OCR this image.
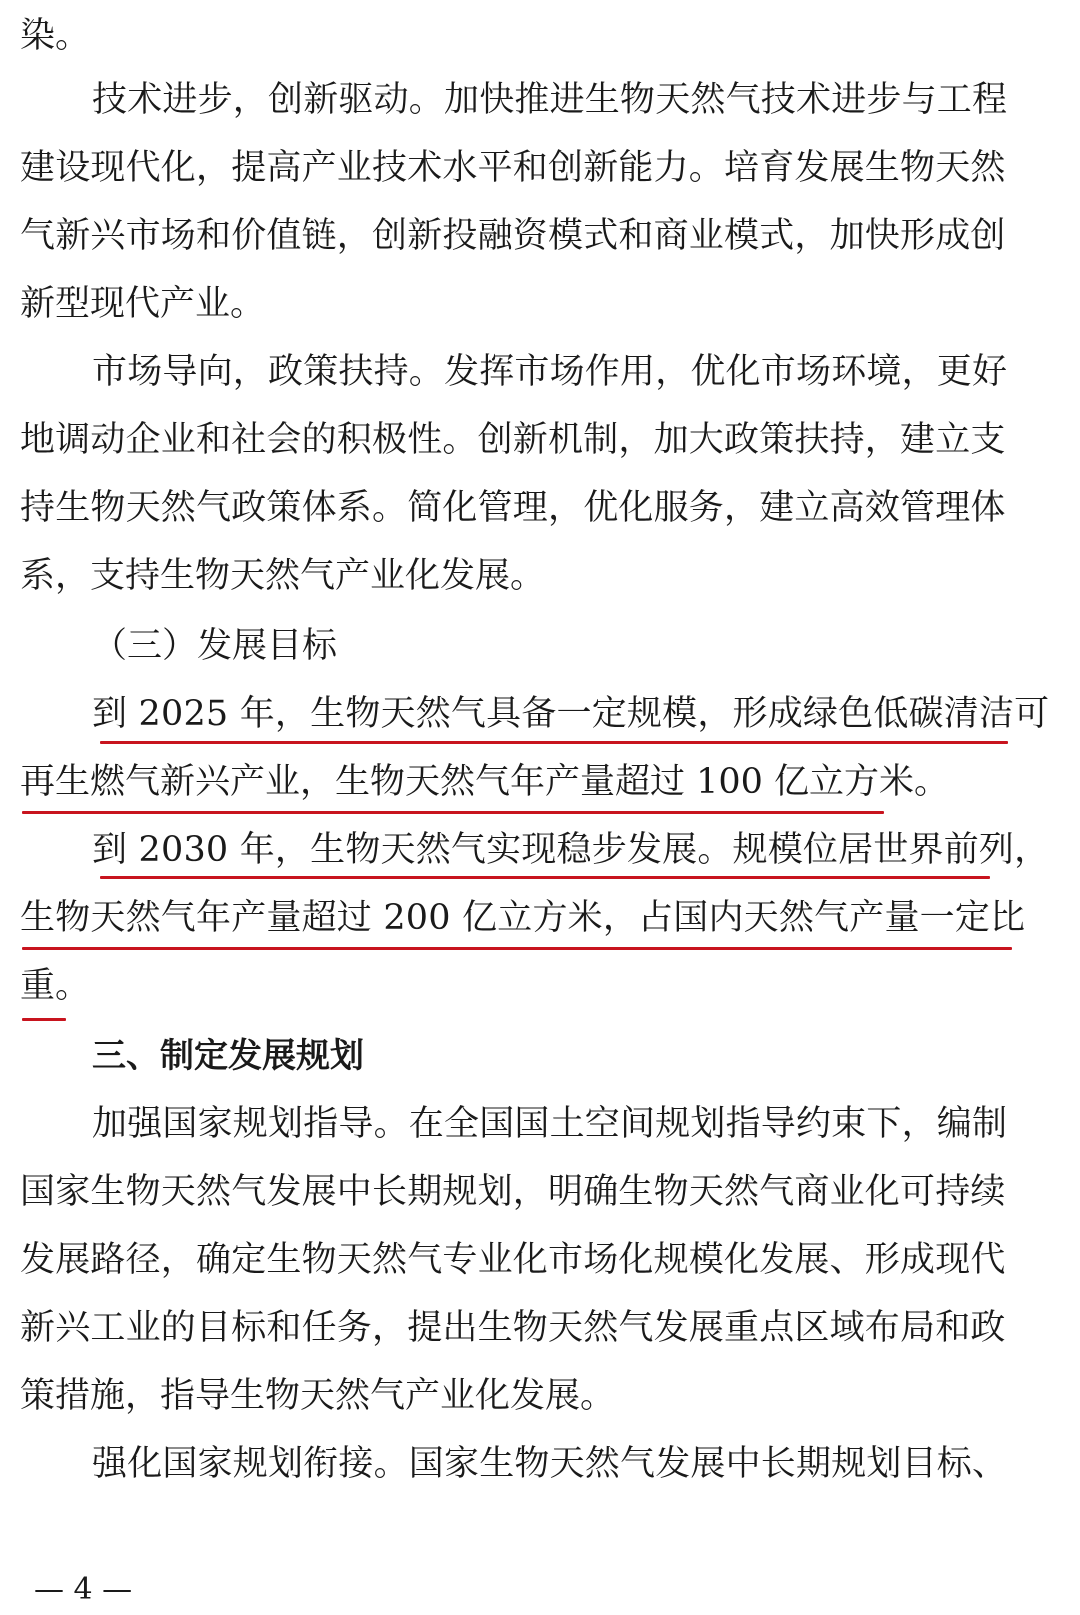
染。
技术进步，创新驱动。加快推进生物天然气技术进步与工程
建设现代化，提高产业技术水平和创新能力。培育发展生物天然
气新兴市场和价值链，创新投融资模式和商业模式，加快形成创
新型现代产业。
市场导向，政策扶持。发挥市场作用，优化市场环境，更好
地调动企业和社会的积极性。创新机制，加大政策扶持，建立支
持生物天然气政策体系。简化管理，优化服务，建立高效管理体
系，支持生物天然气产业化发展。
（三）发展目标
到 2025 年，生物天然气具备一定规模，形成绿色低碳清洁可
再生燃气新兴产业，生物天然气年产量超过 100 亿立方米。
到 2030 年，生物天然气实现稳步发展。规模位居世界前列，
生物天然气年产量超过 200 亿立方米，占国内天然气产量一定比
重。
三、制定发展规划
加强国家规划指导。在全国国土空间规划指导约束下，编制
国家生物天然气发展中长期规划，明确生物天然气商业化可持续
发展路径，确定生物天然气专业化市场化规模化发展、形成现代
新兴工业的目标和任务，提出生物天然气发展重点区域布局和政
策措施，指导生物天然气产业化发展。
强化国家规划衔接。国家生物天然气发展中长期规划目标、
— 4 —
